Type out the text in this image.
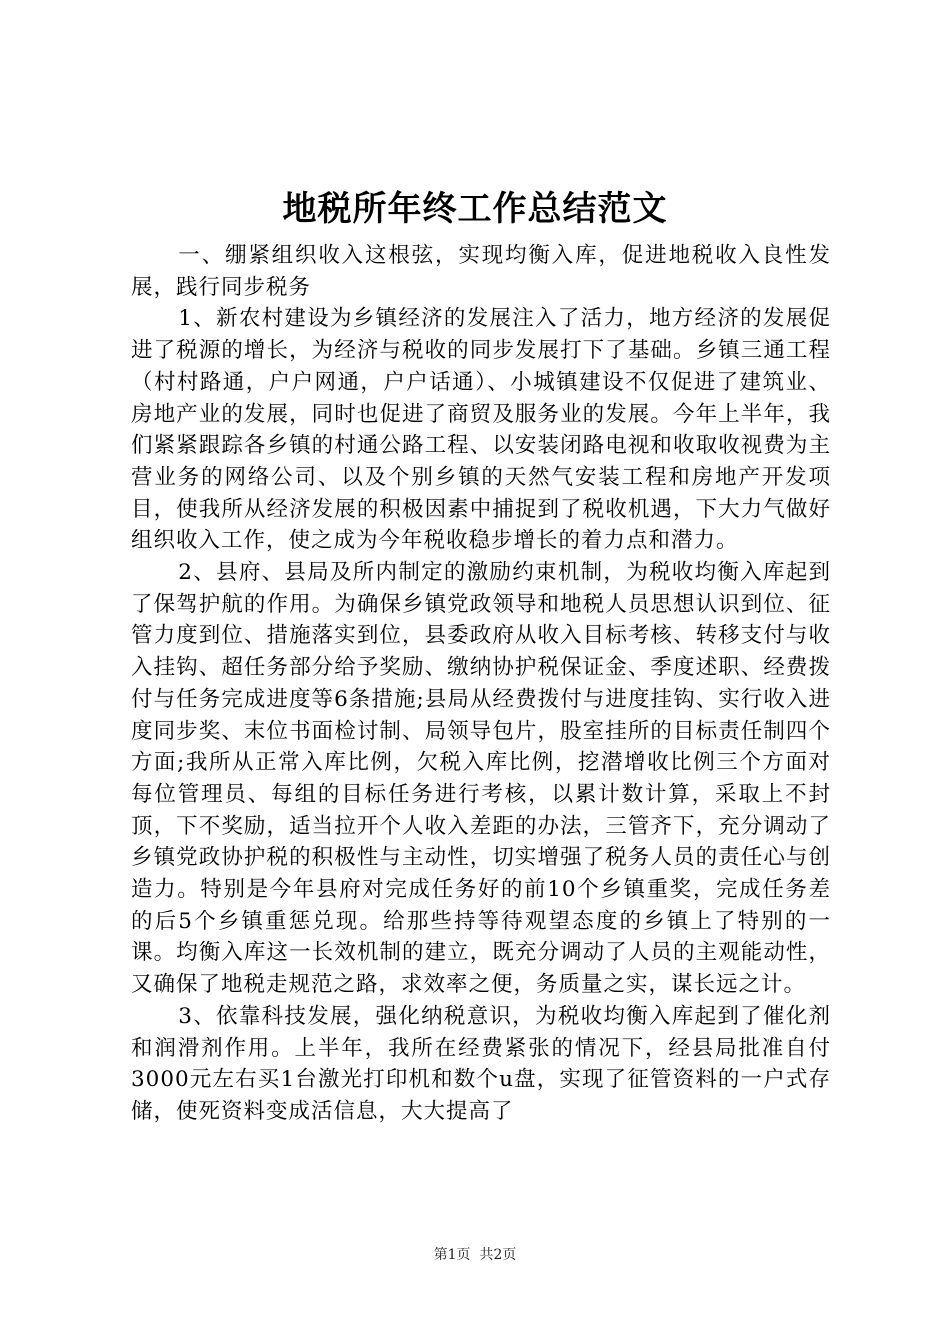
地税所年终工作总结范文

一、绷紧组织收入这根弦，实现均衡入库，促进地税收入良性发展，践行同步税务

1、新农村建设为乡镇经济的发展注入了活力，地方经济的发展促进了税源的增长，为经济与税收的同步发展打下了基础。乡镇三通工程（村村路通，户户网通，户户话通）、小城镇建设不仅促进了建筑业、房地产业的发展，同时也促进了商贸及服务业的发展。今年上半年，我们紧紧跟踪各乡镇的村通公路工程、以安装闭路电视和收取收视费为主营业务的网络公司、以及个别乡镇的天然气安装工程和房地产开发项目，使我所从经济发展的积极因素中捕捉到了税收机遇，下大力气做好组织收入工作，使之成为今年税收稳步增长的着力点和潜力。

2、县府、县局及所内制定的激励约束机制，为税收均衡入库起到了保驾护航的作用。为确保乡镇党政领导和地税人员思想认识到位、征管力度到位、措施落实到位，县委政府从收入目标考核、转移支付与收入挂钩、超任务部分给予奖励、缴纳协护税保证金、季度述职、经费拨付与任务完成进度等6条措施;县局从经费拨付与进度挂钩、实行收入进度同步奖、末位书面检讨制、局领导包片，股室挂所的目标责任制四个方面;我所从正常入库比例，欠税入库比例，挖潜增收比例三个方面对每位管理员、每组的目标任务进行考核，以累计数计算，采取上不封顶，下不奖励，适当拉开个人收入差距的办法，三管齐下，充分调动了乡镇党政协护税的积极性与主动性，切实增强了税务人员的责任心与创造力。特别是今年县府对完成任务好的前10个乡镇重奖，完成任务差的后5个乡镇重惩兑现。给那些持等待观望态度的乡镇上了特别的一课。均衡入库这一长效机制的建立，既充分调动了人员的主观能动性，又确保了地税走规范之路，求效率之便，务质量之实，谋长远之计。

3、依靠科技发展，强化纳税意识，为税收均衡入库起到了催化剂和润滑剂作用。上半年，我所在经费紧张的情况下，经县局批准自付3000元左右买1台激光打印机和数个u盘，实现了征管资料的一户式存储，使死资料变成活信息，大大提高了

第1页 共2页
